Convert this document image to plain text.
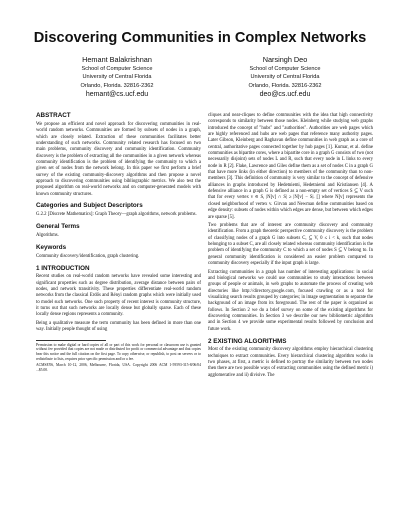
Discovering Communities in Complex Networks
Hemant Balakrishnan
School of Computer Science
University of Central Florida
Orlando, Florida. 32816-2362
hemant@cs.ucf.edu
Narsingh Deo
School of Computer Science
University of Central Florida
Orlando, Florida. 32816-2362
deo@cs.ucf.edu
ABSTRACT

We propose an efficient and novel approach for discovering communities in real-world random networks. Communities are formed by subsets of nodes in a graph, which are closely related. Extraction of these communities facilitates better understanding of such networks. Community related research has focused on two main problems, community discovery and community identification. Community discovery is the problem of extracting all the communities in a given network whereas community identification is the problem of identifying the community to which a given set of nodes from the network belong. In this paper we first perform a brief survey of the existing community-discovery algorithms and then propose a novel approach to discovering communities using bibliographic metrics. We also test the proposed algorithm on real-world networks and on computer-generated models with known community structures.

Categories and Subject Descriptors

G.2.2 [Discrete Mathematics]: Graph Theory—graph algorithms, network problems.

General Terms

Algorithms.

Keywords

Community discovery/identification, graph clustering.

1 INTRODUCTION

Recent studies on real-world random networks have revealed some interesting and significant properties such as degree distribution, average distance between pairs of nodes, and network transitivity. These properties differentiate real-world random networks from the classical Erdős and Rényi random graphs which were initially used to model such networks. One such property of recent interest is community structure, it turns out that such networks are locally dense but globally sparse. Each of these locally dense regions represents a community.

Being a qualitative measure the term community has been defined in more than one way. Initially people thought of using

Permission to make digital or hard copies of all or part of this work for personal or classroom use is granted without fee provided that copies are not made or distributed for profit or commercial advantage and that copies bear this notice and the full citation on the first page. To copy otherwise, or republish, to post on servers or to redistribute to lists, requires prior specific permission and/or a fee.

ACMSE'06, March 10-12, 2006, Melbourne, Florida, USA. Copyright 2006 ACM 1-59593-315-8/06/04 ...$5.00.

cliques and near-cliques to define communities with the idea that high connectivity corresponds to similarity between those nodes. Kleinberg while studying web graphs introduced the concept of "hubs" and "authorities". Authorities are web pages which are highly referenced and hubs are web pages that reference many authority pages. Later Gibson, Kleinberg and Raghavan define communities in web graph as a core of central, authoritative pages connected together by hub pages [1]. Kumar, et al. define communities as bipartite cores, where a bipartite core in a graph G consists of two (not necessarily disjoint) sets of nodes L and R, such that every node in L links to every node in R [2]. Flake, Lawrence and Giles define them as a set of nodes C in a graph G that have more links (in either direction) to members of the community than to non-members [3]. This definition of community is very similar to the concept of defensive alliances in graphs introduced by Hedetniemi, Hedetniemi and Kristiansen [4]. A defensive alliance in a graph G is defined as a non-empty set of vertices S ⊆ V such that for every vertex v ∈ S, |N[v] ∩ S| ≥ |N[v] − S|. [] where N[v] represents the closed neighborhood of vertex v. Girvan and Newman define communities based on edge density: subsets of nodes within which edges are dense, but between which edges are sparse [5].

Two problems that are of interest are community discovery and community identification. From a graph theoretic perspective community discovery is the problem of classifying nodes of a graph G into subsets C, ⊆ V, 0 ≤ i < k, such that nodes belonging to a subset C, are all closely related whereas community identification is the problem of identifying the community C to which a set of nodes S ⊆ V belong to. In general community identification is considered an easier problem compared to community discovery especially if the input graph is large.

Extracting communities in a graph has number of interesting applications: in social and biological networks we could use communities to study interactions between groups of people or animals, in web graphs to automate the process of creating web directories like http://directory.google.com, focused crawling or as a tool for visualizing search results grouped by categories; in image segmentation to separate the background of an image from its foreground. The rest of the paper is organized as follows. In Section 2 we do a brief survey on some of the existing algorithms for discovering communities. In Section 3 we describe our new bibliometric algorithm and in Section 4 we provide some experimental results followed by conclusion and future work.

2 EXISTING ALGORITHMS

Most of the existing community discovery algorithms employ hierarchical clustering techniques to extract communities. Every hierarchical clustering algorithm works in two phases, at first, a metric is defined to portray the similarity between two nodes then there are two possible ways of extracting communities using the defined metric i) agglomerative and ii) divisive. The
